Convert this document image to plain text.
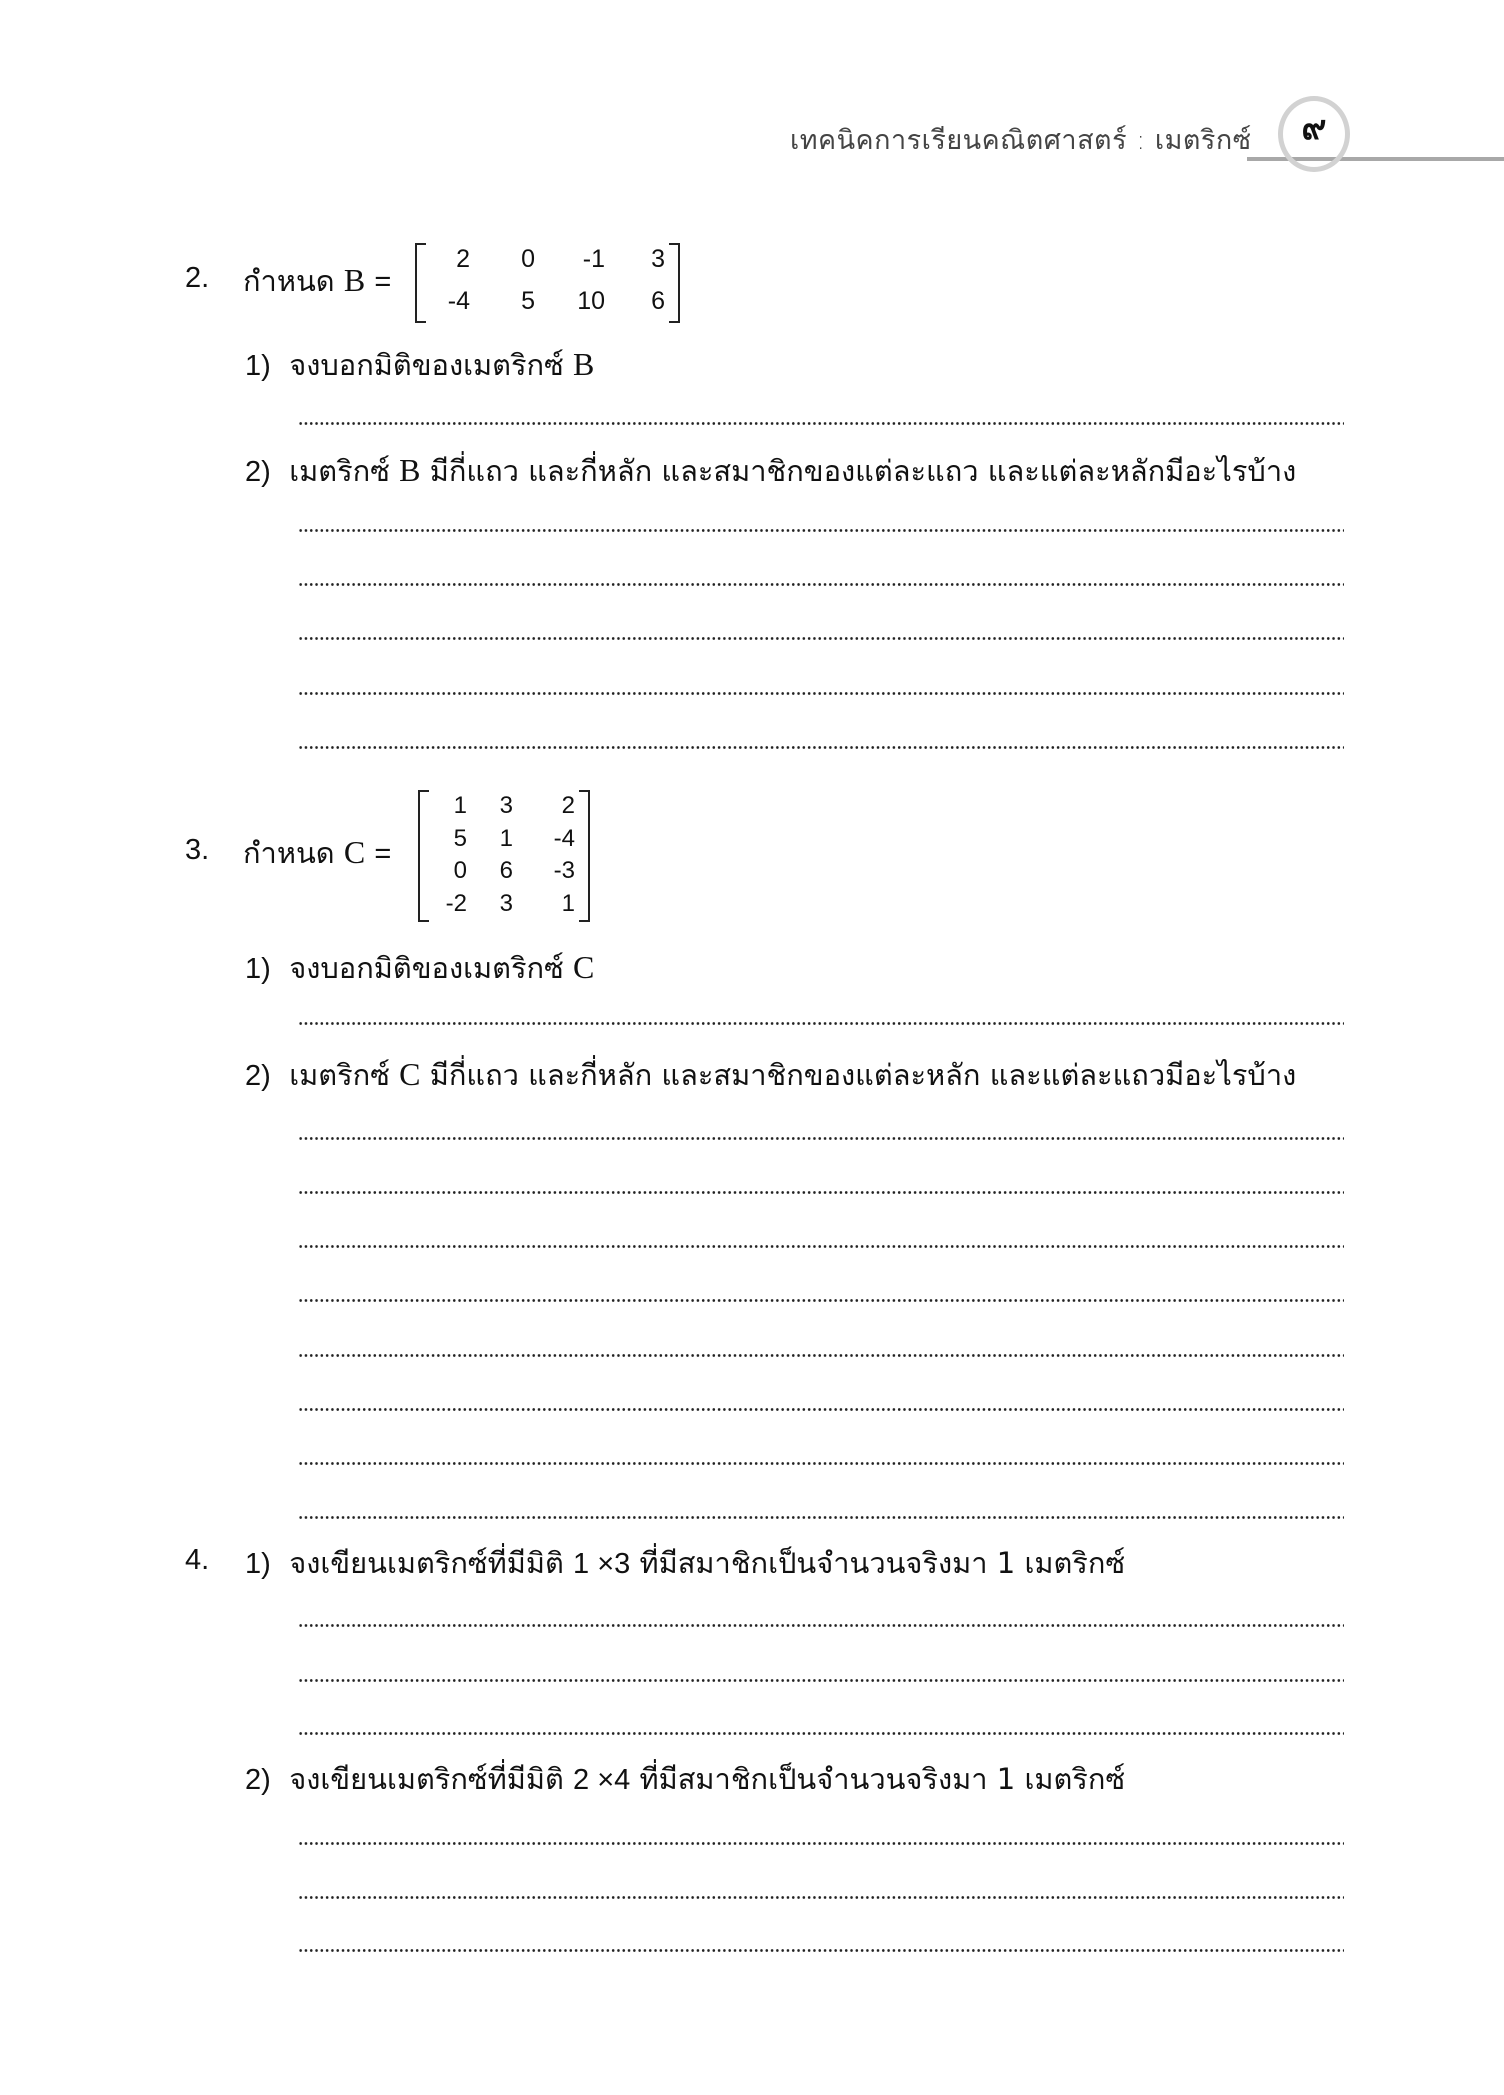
เทคนิคการเรียนคณิตศาสตร์ : เมตริกซ์	๙
2. กำหนด B =
2	0	-1	3
-4	5	10	6
1) จงบอกมิติของเมตริกซ์ B
2) เมตริกซ์ B มีกี่แถว และกี่หลัก และสมาชิกของแต่ละแถว และแต่ละหลักมีอะไรบ้าง
3. กำหนด C =
1	3	2
5	1	-4
0	6	-3
-2	3	1
1) จงบอกมิติของเมตริกซ์ C
2) เมตริกซ์ C มีกี่แถว และกี่หลัก และสมาชิกของแต่ละหลัก และแต่ละแถวมีอะไรบ้าง
4. 1) จงเขียนเมตริกซ์ที่มีมิติ 1 ×3 ที่มีสมาชิกเป็นจำนวนจริงมา 1 เมตริกซ์
2) จงเขียนเมตริกซ์ที่มีมิติ 2 ×4 ที่มีสมาชิกเป็นจำนวนจริงมา 1 เมตริกซ์
